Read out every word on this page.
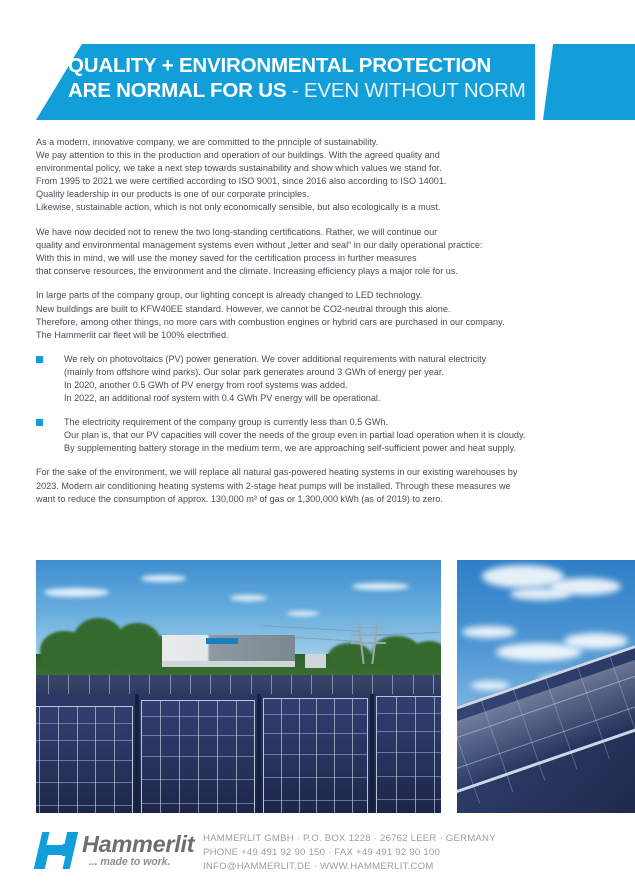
QUALITY + ENVIRONMENTAL PROTECTION
ARE NORMAL FOR US - EVEN WITHOUT NORM
As a modern, innovative company, we are committed to the principle of sustainability.
We pay attention to this in the production and operation of our buildings. With the agreed quality and
environmental policy, we take a next step towards sustainability and show which values we stand for.
From 1995 to 2021 we were certified according to ISO 9001, since 2016 also according to ISO 14001.
Quality leadership in our products is one of our corporate principles.
Likewise, sustainable action, which is not only economically sensible, but also ecologically is a must.
We have now decided not to renew the two long-standing certifications. Rather, we will continue our
quality and environmental management systems even without „letter and seal“ in our daily operational practice:
With this in mind, we will use the money saved for the certification process in further measures
that conserve resources, the environment and the climate. Increasing efficiency plays a major role for us.
In large parts of the company group, our lighting concept is already changed to LED technology.
New buildings are built to KFW40EE standard. However, we cannot be CO2-neutral through this alone.
Therefore, among other things, no more cars with combustion engines or hybrid cars are purchased in our company.
The Hammerlit car fleet will be 100% electrified.
We rely on photovoltaics (PV) power generation. We cover additional requirements with natural electricity
(mainly from offshore wind parks). Our solar park generates around 3 GWh of energy per year.
In 2020, another 0.5 GWh of PV energy from roof systems was added.
In 2022, an additional roof system with 0.4 GWh PV energy will be operational.
The electricity requirement of the company group is currently less than 0.5 GWh.
Our plan is, that our PV capacities will cover the needs of the group even in partial load operation when it is cloudy.
By supplementing battery storage in the medium term, we are approaching self-sufficient power and heat supply.
For the sake of the environment, we will replace all natural gas-powered heating systems in our existing warehouses by
2023. Modern air conditioning heating systems with 2-stage heat pumps will be installed. Through these measures we
want to reduce the consumption of approx. 130,000 m³ of gas or 1,300,000 kWh (as of 2019) to zero.
Hammerlit
... made to work.
HAMMERLIT GMBH · P.O. BOX 1228 · 26762 LEER · GERMANY
PHONE +49 491 92 90 150 · FAX +49 491 92 90 100
INFO@HAMMERLIT.DE · WWW.HAMMERLIT.COM
